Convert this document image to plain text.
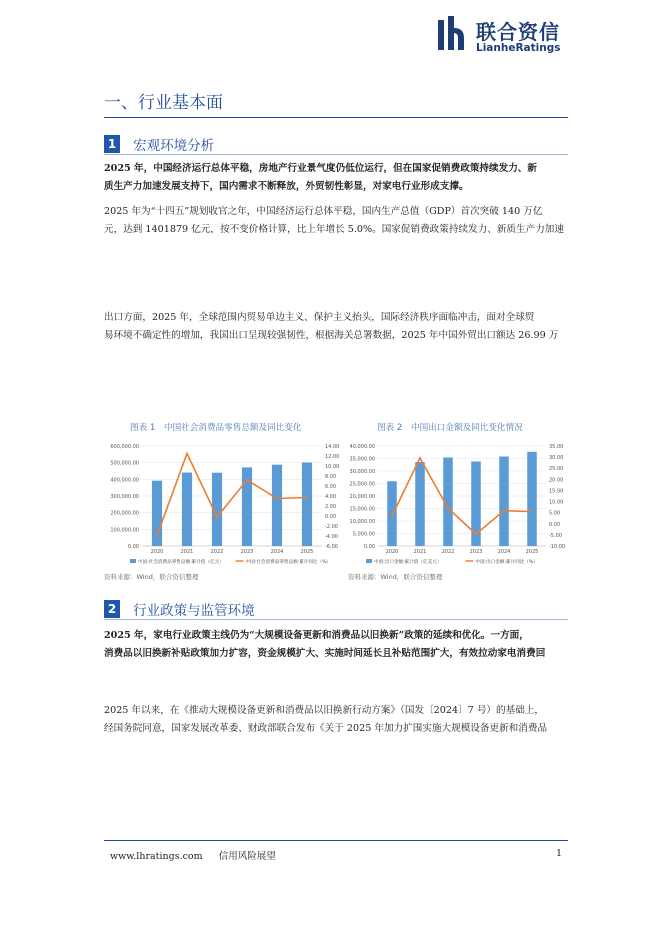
联合资信
LianheRatings
一、行业基本面
1 宏观环境分析
2025 年，中国经济运行总体平稳，房地产行业景气度仍低位运行，但在国家促销费政策持续发力、新
质生产力加速发展支持下，国内需求不断释放，外贸韧性彰显，对家电行业形成支撑。
2025 年为“十四五”规划收官之年，中国经济运行总体平稳，国内生产总值（GDP）首次突破 140 万亿
元，达到 1401879 亿元，按不变价格计算，比上年增长 5.0%。国家促销费政策持续发力、新质生产力加速
出口方面，2025 年，全球范围内贸易单边主义、保护主义抬头，国际经济秩序面临冲击，面对全球贸
易环境不确定性的增加，我国出口呈现较强韧性，根据海关总署数据，2025 年中国外贸出口额达 26.99 万
图表 1　中国社会消费品零售总额及同比变化	图表 2　中国出口金额及同比变化情况
0.00
100,000.00
200,000.00
300,000.00
400,000.00
500,000.00
600,000.00
-6.00
-4.00
-2.00
0.00
2.00
4.00
6.00
8.00
10.00
12.00
14.00
2020	2021	2022	2023	2024	2025
中国:社会消费品零售总额:累计值（亿元）	中国:社会消费品零售总额:累计同比（%）
0.00
5,000.00
10,000.00
15,000.00
20,000.00
25,000.00
30,000.00
35,000.00
40,000.00
-10.00
-5.00
0.00
5.00
10.00
15.00
20.00
25.00
30.00
35.00
2020	2021	2022	2023	2024	2025
中国:出口金额:累计值（亿美元）	中国:出口金额:累计同比（%）
资料来源：Wind，联合资信整理	资料来源：Wind，联合资信整理
2 行业政策与监管环境
2025 年，家电行业政策主线仍为“大规模设备更新和消费品以旧换新”政策的延续和优化。一方面，
消费品以旧换新补贴政策加力扩容，资金规模扩大、实施时间延长且补贴范围扩大，有效拉动家电消费回
2025 年以来，在《推动大规模设备更新和消费品以旧换新行动方案》（国发〔2024〕7 号）的基础上，
经国务院同意，国家发展改革委、财政部联合发布《关于 2025 年加力扩围实施大规模设备更新和消费品
www.lhratings.com 信用风险展望	1
